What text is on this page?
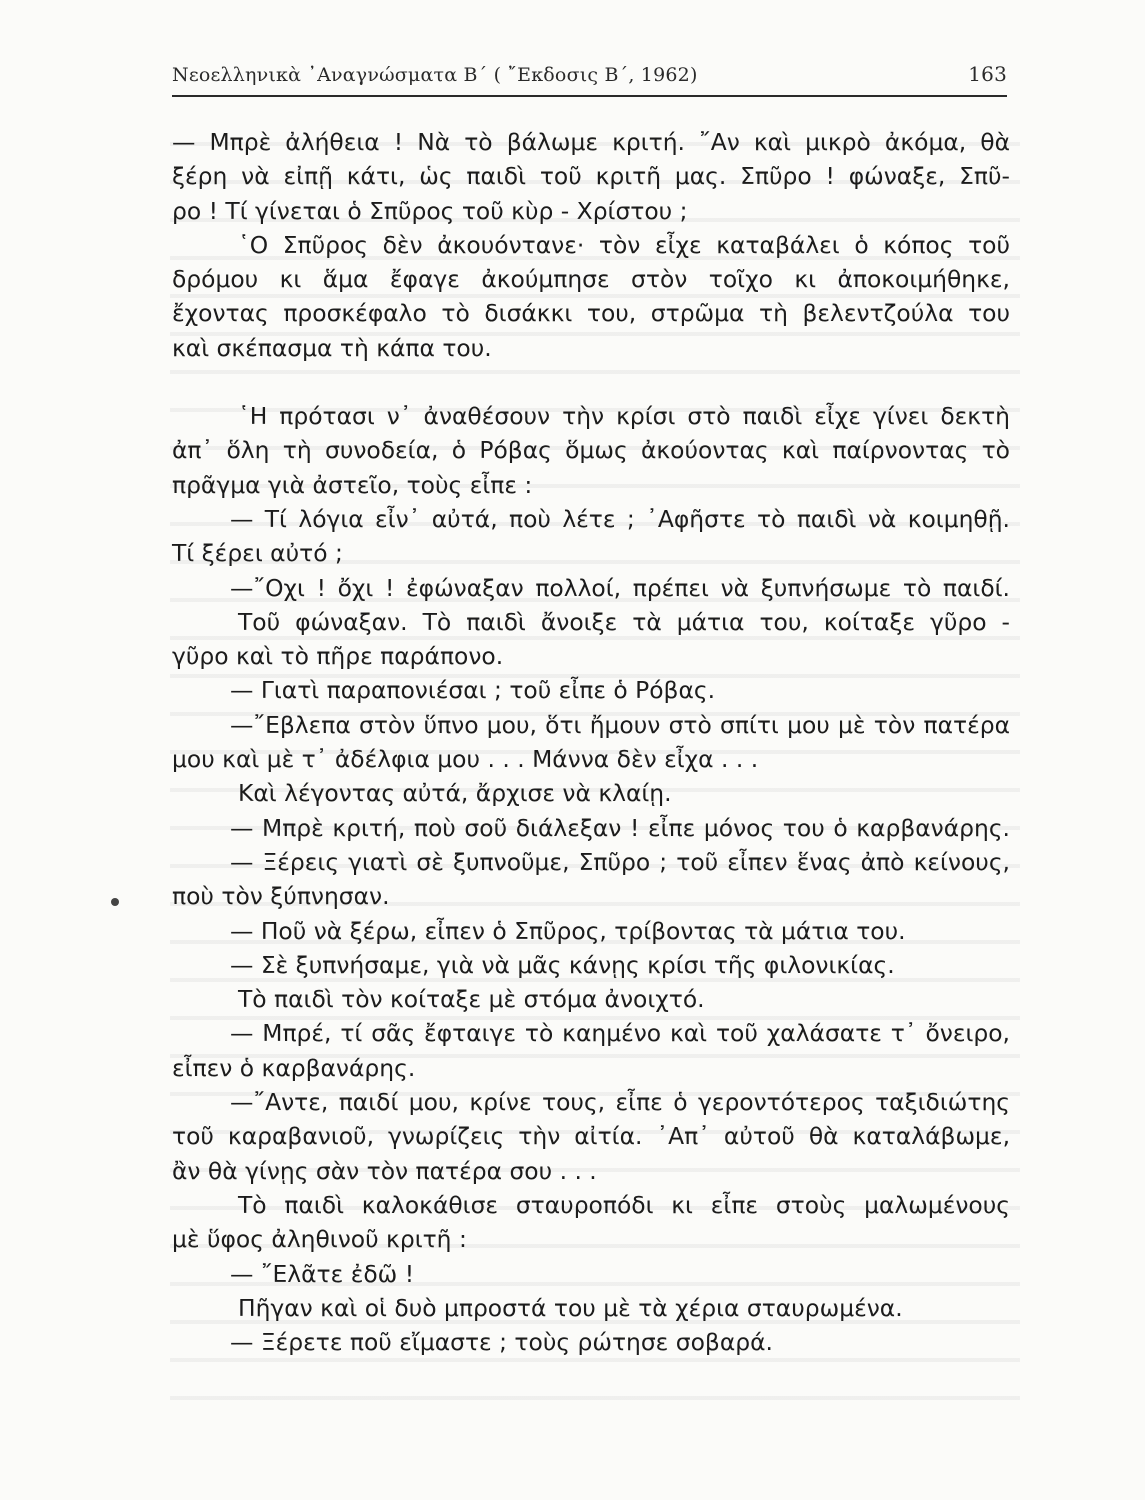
Νεοελληνικὰ ᾿Αναγνώσματα Β΄ ( ῎Εκδοσις Β΄, 1962)	163
— Μπρὲ ἀλήθεια ! Νὰ τὸ βάλωμε κριτή. ῎Αν καὶ μικρὸ ἀκόμα, θὰ
ξέρη νὰ εἰπῇ κάτι, ὡς παιδὶ τοῦ κριτῆ μας. Σπῦρο ! φώναξε, Σπῦ-
ρο ! Τί γίνεται ὁ Σπῦρος τοῦ κὺρ - Χρίστου ;
῾Ο Σπῦρος δὲν ἀκουόντανε· τὸν εἶχε καταβάλει ὁ κόπος τοῦ
δρόμου κι ἅμα ἔφαγε ἀκούμπησε στὸν τοῖχο κι ἀποκοιμήθηκε,
ἔχοντας προσκέφαλο τὸ δισάκκι του, στρῶμα τὴ βελεντζούλα του
καὶ σκέπασμα τὴ κάπα του.
῾Η πρότασι ν᾿ ἀναθέσουν τὴν κρίσι στὸ παιδὶ εἶχε γίνει δεκτὴ
ἀπ᾿ ὅλη τὴ συνοδεία, ὁ Ρόβας ὅμως ἀκούοντας καὶ παίρνοντας τὸ
πρᾶγμα γιὰ ἀστεῖο, τοὺς εἶπε :
— Τί λόγια εἶν᾿ αὐτά, ποὺ λέτε ; ᾿Αφῆστε τὸ παιδὶ νὰ κοιμηθῇ.
Τί ξέρει αὐτό ;
—῎Οχι ! ὄχι ! ἐφώναξαν πολλοί, πρέπει νὰ ξυπνήσωμε τὸ παιδί.
Τοῦ φώναξαν. Τὸ παιδὶ ἄνοιξε τὰ μάτια του, κοίταξε γῦρο -
γῦρο καὶ τὸ πῆρε παράπονο.
— Γιατὶ παραπονιέσαι ; τοῦ εἶπε ὁ Ρόβας.
—῎Εβλεπα στὸν ὕπνο μου, ὅτι ἤμουν στὸ σπίτι μου μὲ τὸν πατέρα
μου καὶ μὲ τ᾿ ἀδέλφια μου . . . Μάννα δὲν εἶχα . . .
Καὶ λέγοντας αὐτά, ἄρχισε νὰ κλαίῃ.
— Μπρὲ κριτή, ποὺ σοῦ διάλεξαν ! εἶπε μόνος του ὁ καρβανάρης.
— Ξέρεις γιατὶ σὲ ξυπνοῦμε, Σπῦρο ; τοῦ εἶπεν ἕνας ἀπὸ κείνους,
ποὺ τὸν ξύπνησαν.
— Ποῦ νὰ ξέρω, εἶπεν ὁ Σπῦρος, τρίβοντας τὰ μάτια του.
— Σὲ ξυπνήσαμε, γιὰ νὰ μᾶς κάνῃς κρίσι τῆς φιλονικίας.
Τὸ παιδὶ τὸν κοίταξε μὲ στόμα ἀνοιχτό.
— Μπρέ, τί σᾶς ἔφταιγε τὸ καημένο καὶ τοῦ χαλάσατε τ᾿ ὄνειρο,
εἶπεν ὁ καρβανάρης.
—῎Αντε, παιδί μου, κρίνε τους, εἶπε ὁ γεροντότερος ταξιδιώτης
τοῦ καραβανιοῦ, γνωρίζεις τὴν αἰτία. ᾿Απ᾿ αὐτοῦ θὰ καταλάβωμε,
ἂν θὰ γίνῃς σὰν τὸν πατέρα σου . . .
Τὸ παιδὶ καλοκάθισε σταυροπόδι κι εἶπε στοὺς μαλωμένους
μὲ ὕφος ἀληθινοῦ κριτῆ :
— ῎Ελᾶτε ἐδῶ !
Πῆγαν καὶ οἱ δυὸ μπροστά του μὲ τὰ χέρια σταυρωμένα.
— Ξέρετε ποῦ εἴμαστε ; τοὺς ρώτησε σοβαρά.
